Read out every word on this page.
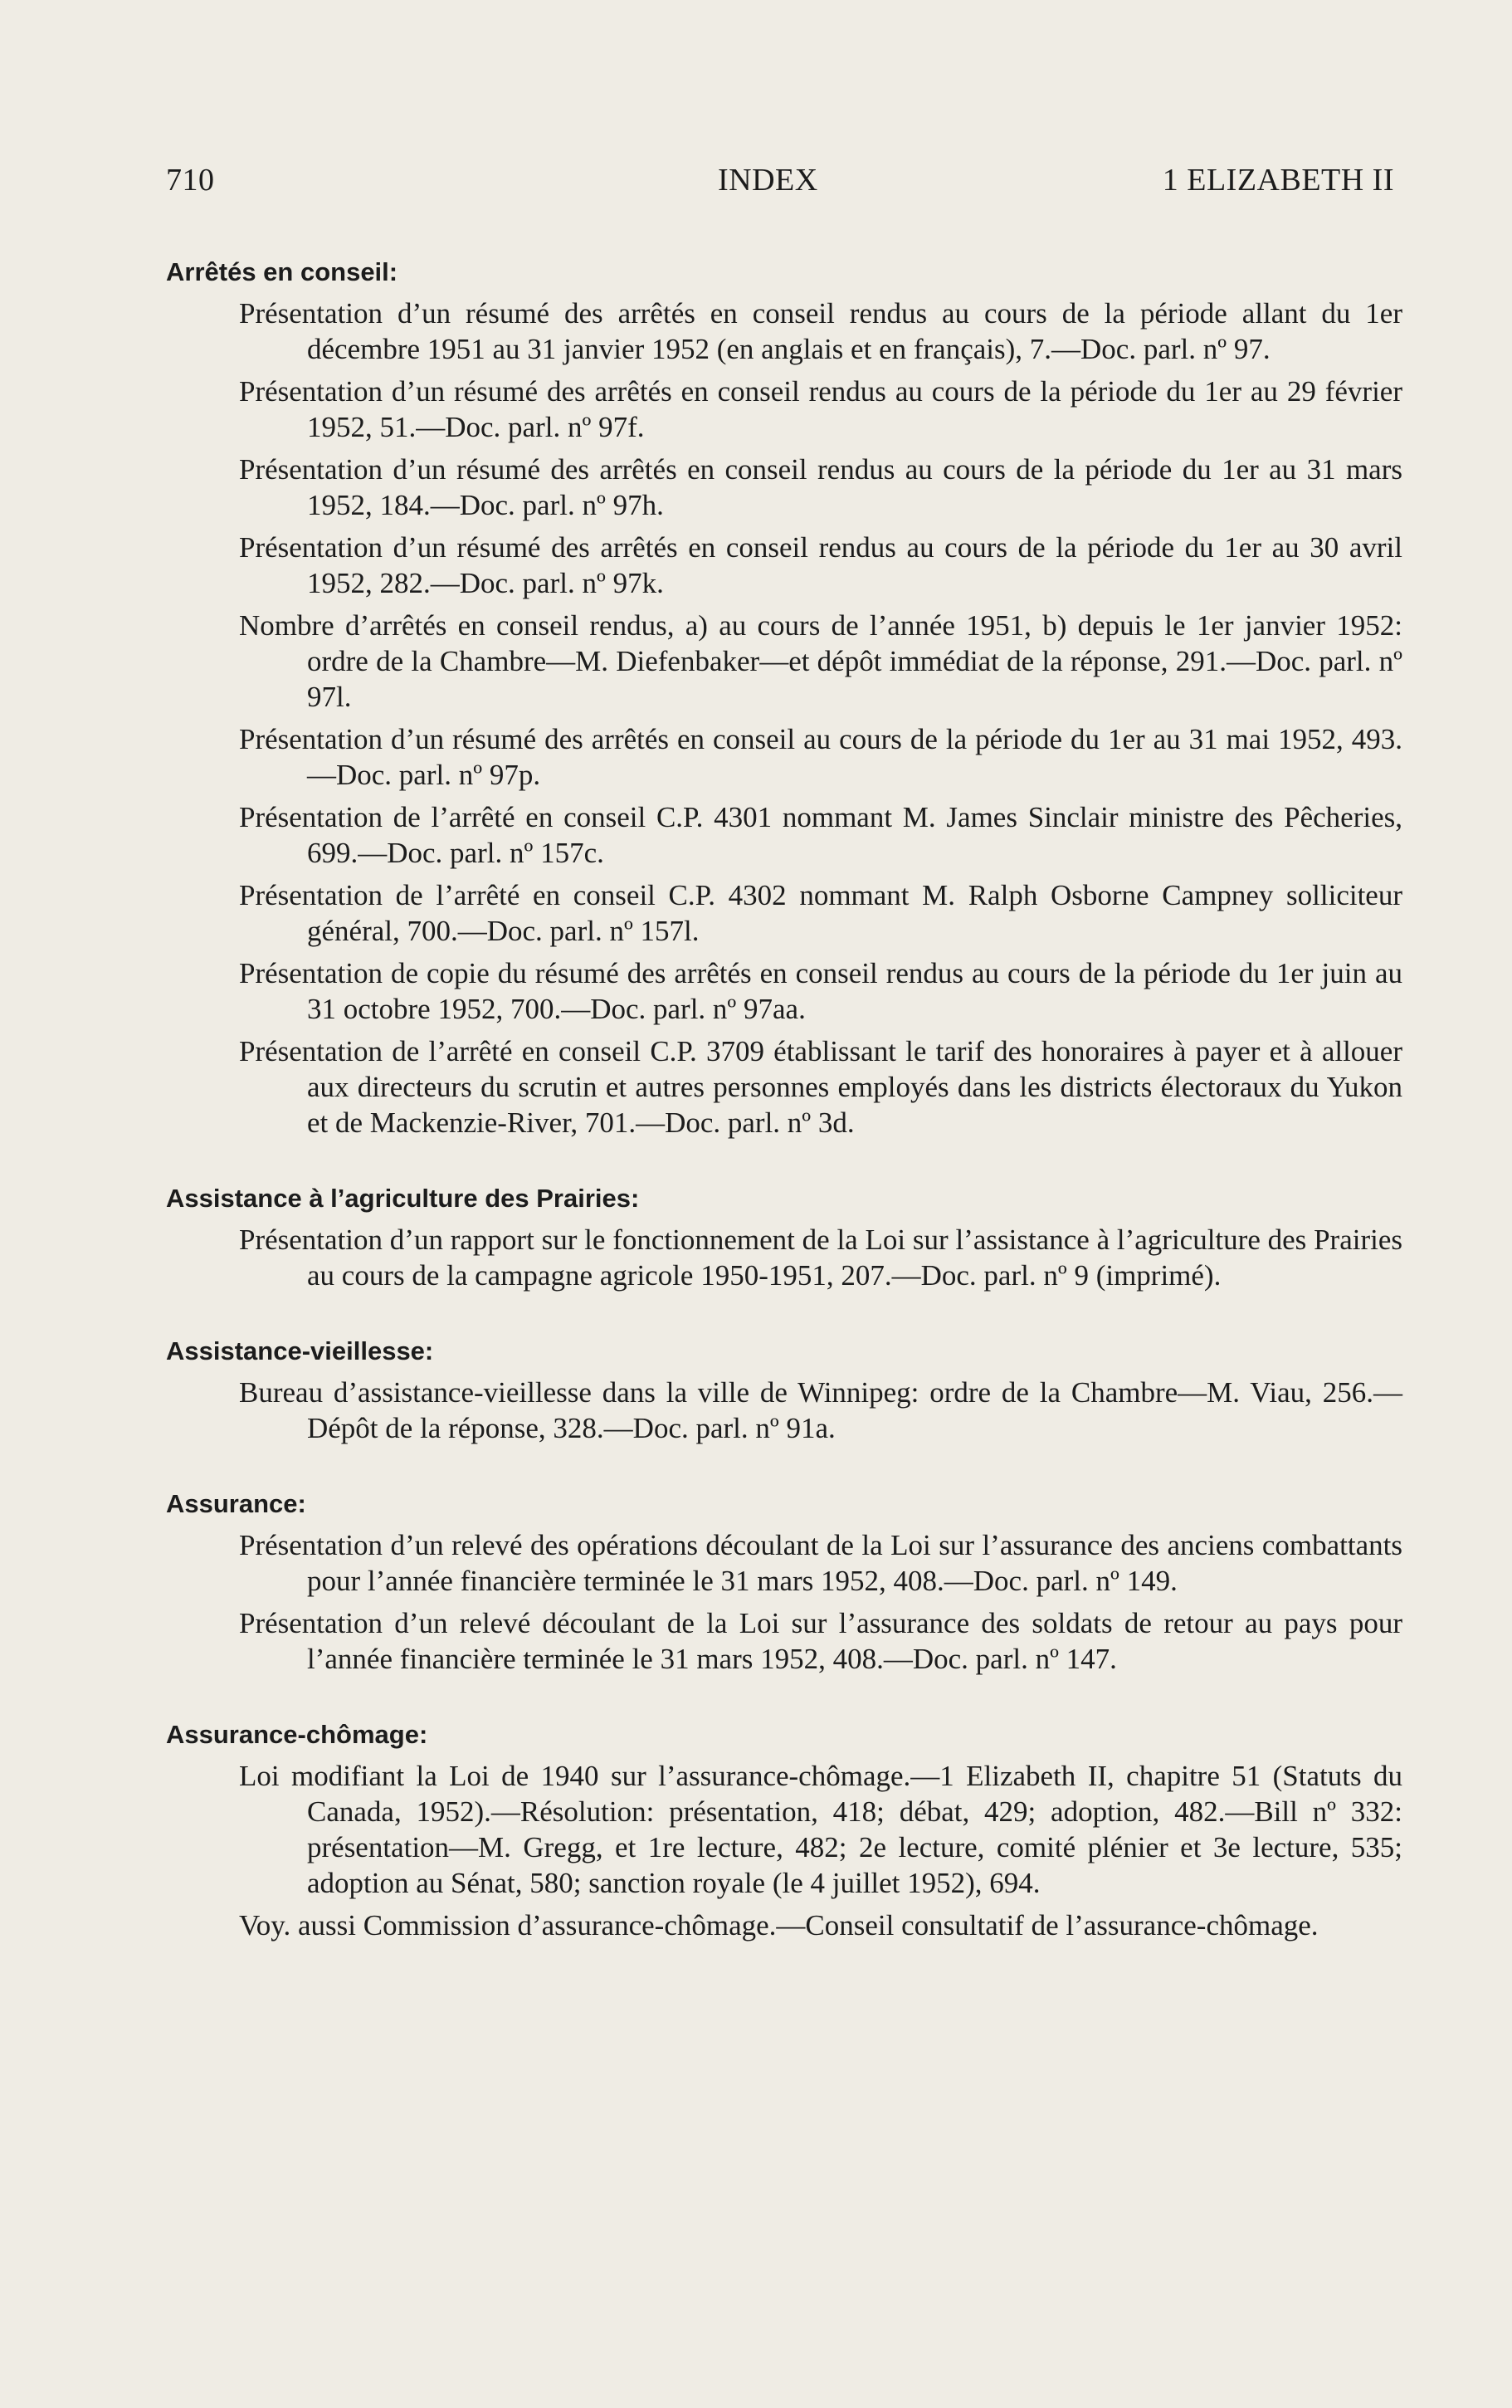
710	INDEX	1 ELIZABETH II

Arrêtés en conseil:

Présentation d’un résumé des arrêtés en conseil rendus au cours de la période allant du 1er décembre 1951 au 31 janvier 1952 (en anglais et en français), 7.—Doc. parl. nº 97.

Présentation d’un résumé des arrêtés en conseil rendus au cours de la période du 1er au 29 février 1952, 51.—Doc. parl. nº 97f.

Présentation d’un résumé des arrêtés en conseil rendus au cours de la période du 1er au 31 mars 1952, 184.—Doc. parl. nº 97h.

Présentation d’un résumé des arrêtés en conseil rendus au cours de la période du 1er au 30 avril 1952, 282.—Doc. parl. nº 97k.

Nombre d’arrêtés en conseil rendus, a) au cours de l’année 1951, b) depuis le 1er janvier 1952: ordre de la Chambre—M. Diefenbaker—et dépôt immédiat de la réponse, 291.—Doc. parl. nº 97l.

Présentation d’un résumé des arrêtés en conseil au cours de la période du 1er au 31 mai 1952, 493.—Doc. parl. nº 97p.

Présentation de l’arrêté en conseil C.P. 4301 nommant M. James Sinclair ministre des Pêcheries, 699.—Doc. parl. nº 157c.

Présentation de l’arrêté en conseil C.P. 4302 nommant M. Ralph Osborne Campney solliciteur général, 700.—Doc. parl. nº 157l.

Présentation de copie du résumé des arrêtés en conseil rendus au cours de la période du 1er juin au 31 octobre 1952, 700.—Doc. parl. nº 97aa.

Présentation de l’arrêté en conseil C.P. 3709 établissant le tarif des honoraires à payer et à allouer aux directeurs du scrutin et autres personnes employés dans les districts électoraux du Yukon et de Mackenzie-River, 701.—Doc. parl. nº 3d.

Assistance à l’agriculture des Prairies:

Présentation d’un rapport sur le fonctionnement de la Loi sur l’assistance à l’agriculture des Prairies au cours de la campagne agricole 1950-1951, 207.—Doc. parl. nº 9 (imprimé).

Assistance-vieillesse:

Bureau d’assistance-vieillesse dans la ville de Winnipeg: ordre de la Chambre—M. Viau, 256.—Dépôt de la réponse, 328.—Doc. parl. nº 91a.

Assurance:

Présentation d’un relevé des opérations découlant de la Loi sur l’assurance des anciens combattants pour l’année financière terminée le 31 mars 1952, 408.—Doc. parl. nº 149.

Présentation d’un relevé découlant de la Loi sur l’assurance des soldats de retour au pays pour l’année financière terminée le 31 mars 1952, 408.—Doc. parl. nº 147.

Assurance-chômage:

Loi modifiant la Loi de 1940 sur l’assurance-chômage.—1 Elizabeth II, chapitre 51 (Statuts du Canada, 1952).—Résolution: présentation, 418; débat, 429; adoption, 482.—Bill nº 332: présentation—M. Gregg, et 1re lecture, 482; 2e lecture, comité plénier et 3e lecture, 535; adoption au Sénat, 580; sanction royale (le 4 juillet 1952), 694.

Voy. aussi Commission d’assurance-chômage.—Conseil consultatif de l’assurance-chômage.
